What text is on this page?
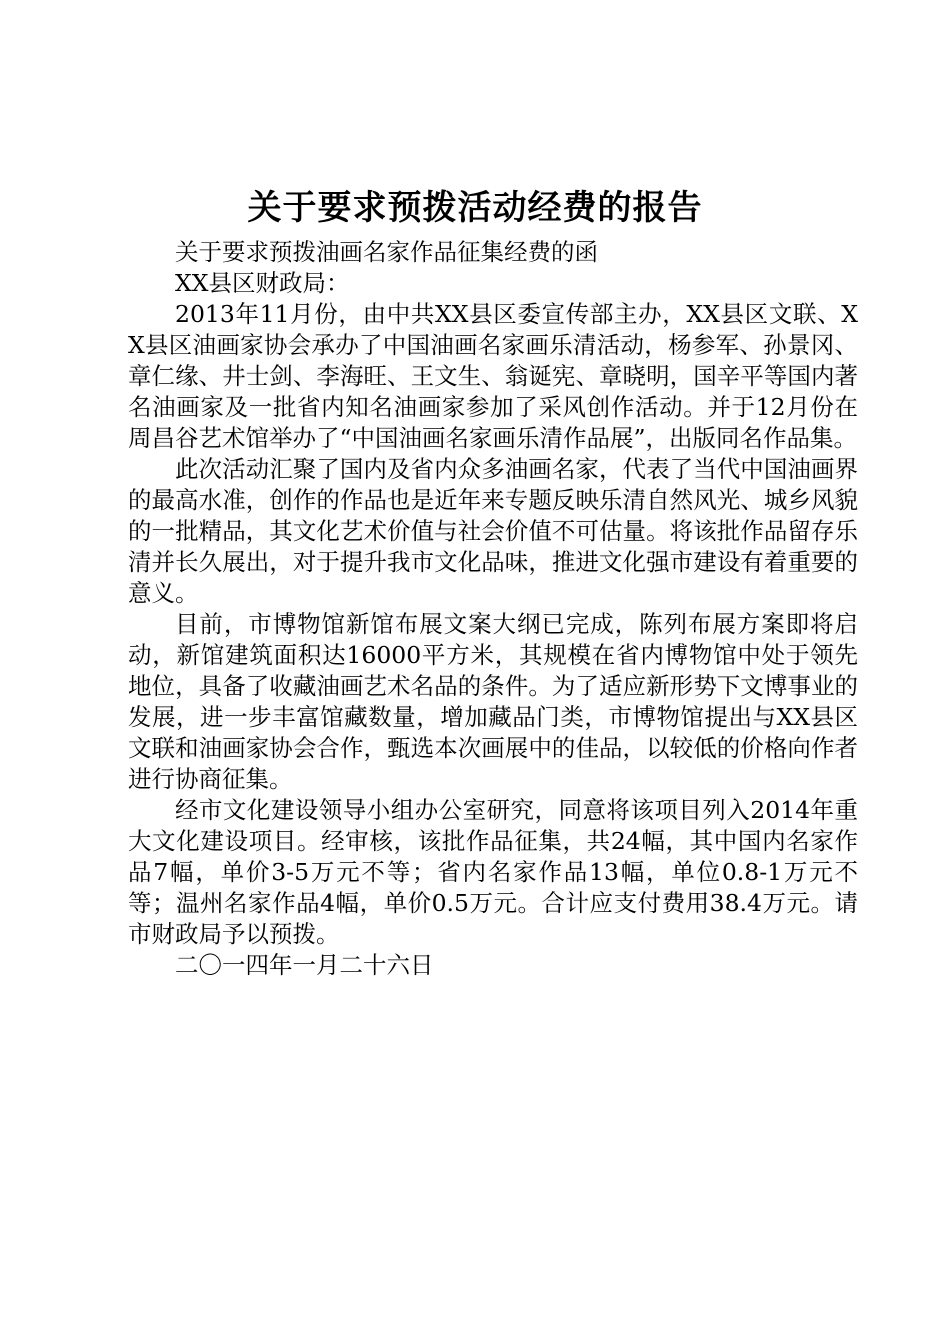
关于要求预拨活动经费的报告

关于要求预拨油画名家作品征集经费的函

XX县区财政局：

2013年11月份，由中共XX县区委宣传部主办，XX县区文联、XX县区油画家协会承办了中国油画名家画乐清活动，杨参军、孙景冈、章仁缘、井士剑、李海旺、王文生、翁诞宪、章晓明，国辛平等国内著名油画家及一批省内知名油画家参加了采风创作活动。并于12月份在周昌谷艺术馆举办了“中国油画名家画乐清作品展”，出版同名作品集。

此次活动汇聚了国内及省内众多油画名家，代表了当代中国油画界的最高水准，创作的作品也是近年来专题反映乐清自然风光、城乡风貌的一批精品，其文化艺术价值与社会价值不可估量。将该批作品留存乐清并长久展出，对于提升我市文化品味，推进文化强市建设有着重要的意义。

目前，市博物馆新馆布展文案大纲已完成，陈列布展方案即将启动，新馆建筑面积达16000平方米，其规模在省内博物馆中处于领先地位，具备了收藏油画艺术名品的条件。为了适应新形势下文博事业的发展，进一步丰富馆藏数量，增加藏品门类，市博物馆提出与XX县区文联和油画家协会合作，甄选本次画展中的佳品，以较低的价格向作者进行协商征集。

经市文化建设领导小组办公室研究，同意将该项目列入2014年重大文化建设项目。经审核，该批作品征集，共24幅，其中国内名家作品7幅，单价3-5万元不等；省内名家作品13幅，单位0.8-1万元不等；温州名家作品4幅，单价0.5万元。合计应支付费用38.4万元。请市财政局予以预拨。

二〇一四年一月二十六日
